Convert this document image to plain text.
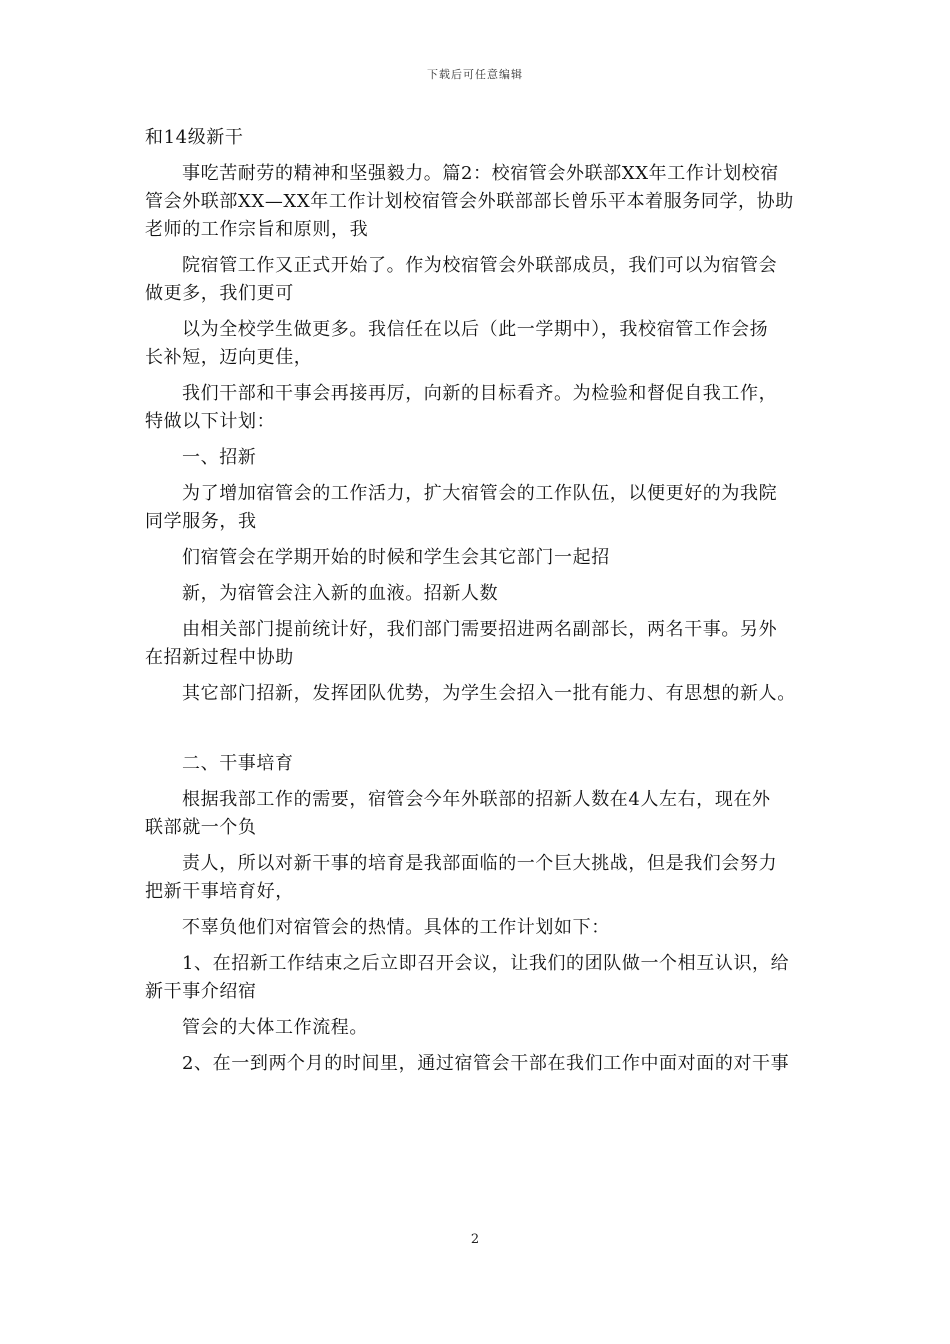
下载后可任意编辑
和14级新干
事吃苦耐劳的精神和坚强毅力。篇2：校宿管会外联部XX年工作计划校宿
管会外联部XX—XX年工作计划校宿管会外联部部长曾乐平本着服务同学，协助
老师的工作宗旨和原则，我
院宿管工作又正式开始了。作为校宿管会外联部成员，我们可以为宿管会
做更多，我们更可
以为全校学生做更多。我信任在以后（此一学期中），我校宿管工作会扬
长补短，迈向更佳，
我们干部和干事会再接再厉，向新的目标看齐。为检验和督促自我工作，
特做以下计划：
一、招新
为了增加宿管会的工作活力，扩大宿管会的工作队伍，以便更好的为我院
同学服务，我
们宿管会在学期开始的时候和学生会其它部门一起招
新，为宿管会注入新的血液。招新人数
由相关部门提前统计好，我们部门需要招进两名副部长，两名干事。另外
在招新过程中协助
其它部门招新，发挥团队优势，为学生会招入一批有能力、有思想的新人。
二、干事培育
根据我部工作的需要，宿管会今年外联部的招新人数在4人左右，现在外
联部就一个负
责人，所以对新干事的培育是我部面临的一个巨大挑战，但是我们会努力
把新干事培育好，
不辜负他们对宿管会的热情。具体的工作计划如下：
1、在招新工作结束之后立即召开会议，让我们的团队做一个相互认识，给
新干事介绍宿
管会的大体工作流程。
2、在一到两个月的时间里，通过宿管会干部在我们工作中面对面的对干事
2
